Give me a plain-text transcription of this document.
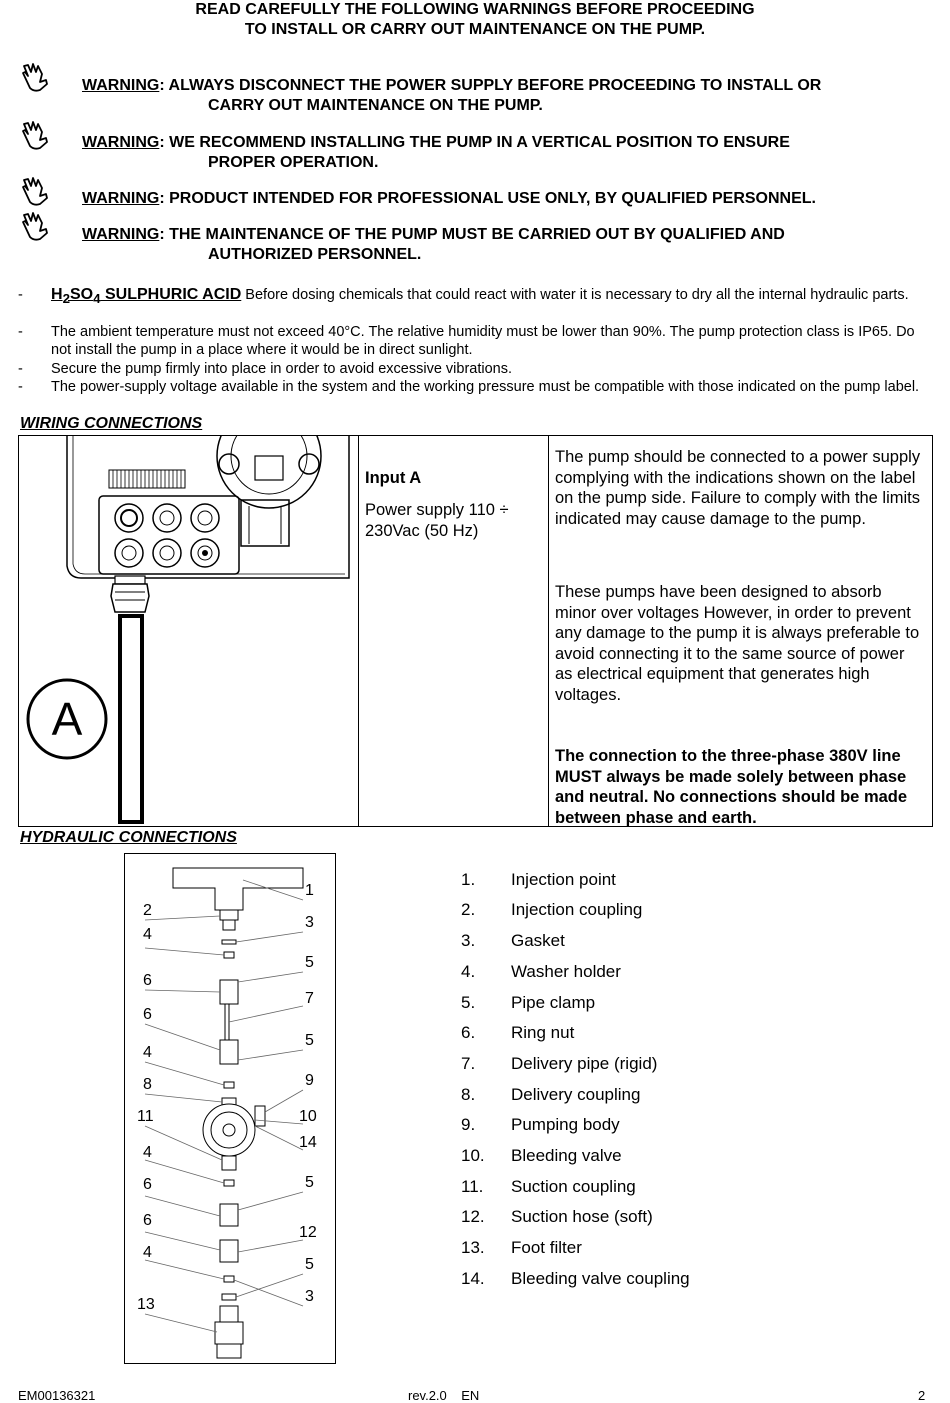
READ CAREFULLY THE FOLLOWING WARNINGS BEFORE PROCEEDING
TO INSTALL OR CARRY OUT MAINTENANCE ON THE PUMP.
WARNING: ALWAYS DISCONNECT THE POWER SUPPLY BEFORE PROCEEDING TO INSTALL OR
CARRY OUT MAINTENANCE ON THE PUMP.
WARNING: WE RECOMMEND INSTALLING THE PUMP IN A VERTICAL POSITION TO ENSURE
PROPER OPERATION.
WARNING: PRODUCT INTENDED FOR PROFESSIONAL USE ONLY, BY QUALIFIED PERSONNEL.
WARNING: THE MAINTENANCE OF THE PUMP MUST BE CARRIED OUT BY QUALIFIED AND
AUTHORIZED PERSONNEL.
-	$H_2SO_4$ SULPHURIC ACID Before dosing chemicals that could react with water it is necessary to dry all the internal hydraulic parts.
-	The ambient temperature must not exceed 40°C. The relative humidity must be lower than 90%. The pump protection class is IP65. Do not install the pump in a place where it would be in direct sunlight.
-	Secure the pump firmly into place in order to avoid excessive vibrations.
-	The power-supply voltage available in the system and the working pressure must be compatible with those indicated on the pump label.
WIRING CONNECTIONS
A
Input A
Power supply 110 ÷ 230Vac (50 Hz)
The pump should be connected to a power supply complying with the indications shown on the label on the pump side. Failure to comply with the limits indicated may cause damage to the pump.
These pumps have been designed to absorb minor over voltages However, in order to prevent any damage to the pump it is always preferable to avoid connecting it to the same source of power as electrical equipment that generates high voltages.
The connection to the three-phase 380V line MUST always be made solely between phase and neutral. No connections should be made between phase and earth.
HYDRAULIC CONNECTIONS
1
2
3
4
5
6
7
6
5
4
8	9
11	10
14
4
5
6
6
12
4
5
13	3
1. Injection point
2. Injection coupling
3. Gasket
4. Washer holder
5. Pipe clamp
6. Ring nut
7. Delivery pipe (rigid)
8. Delivery coupling
9. Pumping body
10. Bleeding valve
11. Suction coupling
12. Suction hose (soft)
13. Foot filter
14. Bleeding valve coupling
EM00136321	rev.2.0    EN	2
